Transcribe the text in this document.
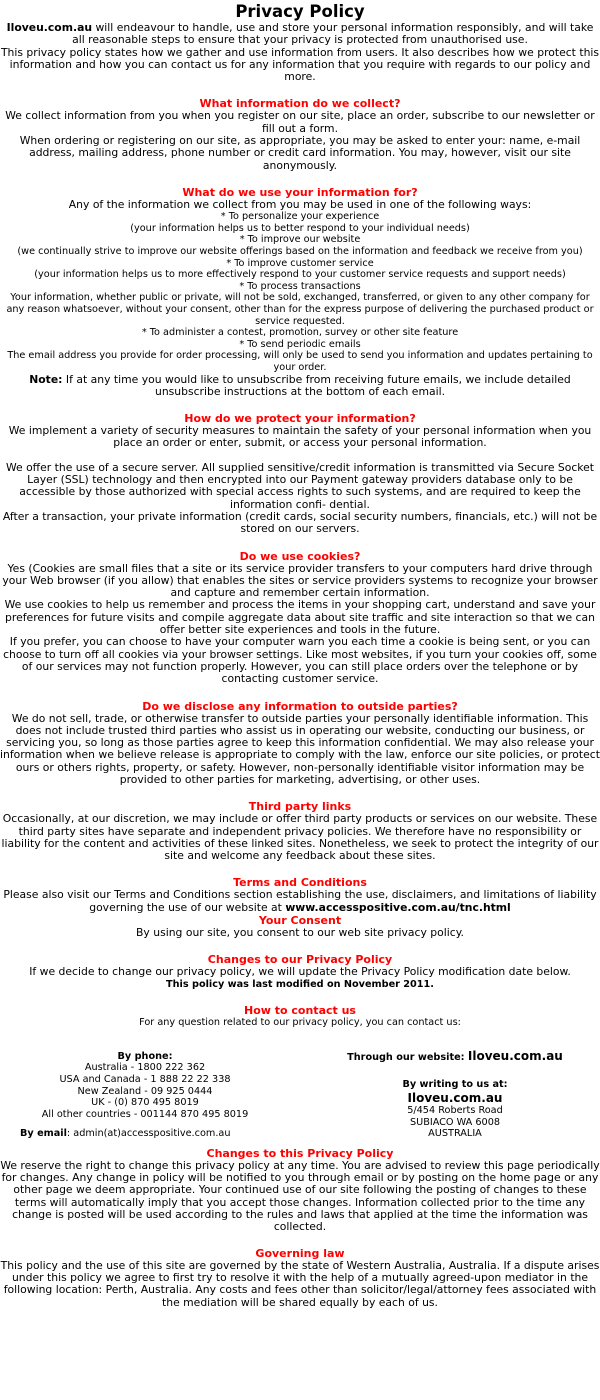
Privacy Policy

Iloveu.com.au will endeavour to handle, use and store your personal information responsibly, and will take all reasonable steps to ensure that your privacy is protected from unauthorised use.

This privacy policy states how we gather and use information from users. It also describes how we protect this information and how you can contact us for any information that you require with regards to our policy and more.

What information do we collect?

We collect information from you when you register on our site, place an order, subscribe to our newsletter or fill out a form.

When ordering or registering on our site, as appropriate, you may be asked to enter your: name, e-mail address, mailing address, phone number or credit card information. You may, however, visit our site anonymously.

What do we use your information for?

Any of the information we collect from you may be used in one of the following ways:

* To personalize your experience

(your information helps us to better respond to your individual needs)

* To improve our website

(we continually strive to improve our website offerings based on the information and feedback we receive from you)

* To improve customer service

(your information helps us to more effectively respond to your customer service requests and support needs)

* To process transactions

Your information, whether public or private, will not be sold, exchanged, transferred, or given to any other company for any reason whatsoever, without your consent, other than for the express purpose of delivering the purchased product or service requested.

* To administer a contest, promotion, survey or other site feature

* To send periodic emails

The email address you provide for order processing, will only be used to send you information and updates pertaining to your order.

Note: If at any time you would like to unsubscribe from receiving future emails, we include detailed unsubscribe instructions at the bottom of each email.

How do we protect your information?

We implement a variety of security measures to maintain the safety of your personal information when you place an order or enter, submit, or access your personal information.

We offer the use of a secure server. All supplied sensitive/credit information is transmitted via Secure Socket Layer (SSL) technology and then encrypted into our Payment gateway providers database only to be accessible by those authorized with special access rights to such systems, and are required to keep the information confi- dential.

After a transaction, your private information (credit cards, social security numbers, financials, etc.) will not be stored on our servers.

Do we use cookies?

Yes (Cookies are small files that a site or its service provider transfers to your computers hard drive through your Web browser (if you allow) that enables the sites or service providers systems to recognize your browser and capture and remember certain information.

We use cookies to help us remember and process the items in your shopping cart, understand and save your preferences for future visits and compile aggregate data about site traffic and site interaction so that we can offer better site experiences and tools in the future.

If you prefer, you can choose to have your computer warn you each time a cookie is being sent, or you can choose to turn off all cookies via your browser settings. Like most websites, if you turn your cookies off, some of our services may not function properly. However, you can still place orders over the telephone or by contacting customer service.

Do we disclose any information to outside parties?

We do not sell, trade, or otherwise transfer to outside parties your personally identifiable information. This does not include trusted third parties who assist us in operating our website, conducting our business, or servicing you, so long as those parties agree to keep this information confidential. We may also release your information when we believe release is appropriate to comply with the law, enforce our site policies, or protect ours or others rights, property, or safety. However, non-personally identifiable visitor information may be provided to other parties for marketing, advertising, or other uses.

Third party links

Occasionally, at our discretion, we may include or offer third party products or services on our website. These third party sites have separate and independent privacy policies. We therefore have no responsibility or liability for the content and activities of these linked sites. Nonetheless, we seek to protect the integrity of our site and welcome any feedback about these sites.

Terms and Conditions

Please also visit our Terms and Conditions section establishing the use, disclaimers, and limitations of liability governing the use of our website at www.accesspositive.com.au/tnc.html

Your Consent

By using our site, you consent to our web site privacy policy.

Changes to our Privacy Policy

If we decide to change our privacy policy, we will update the Privacy Policy modification date below.

This policy was last modified on November 2011.

How to contact us

For any question related to our privacy policy, you can contact us:

By phone:

Australia - 1800 222 362

USA and Canada - 1 888 22 22 338

New Zealand - 09 925 0444

UK - (0) 870 495 8019

All other countries - 001144 870 495 8019

By email: admin(at)accesspositive.com.au

Through our website: Iloveu.com.au

By writing to us at:

Iloveu.com.au

5/454 Roberts Road

SUBIACO WA 6008

AUSTRALIA

Changes to this Privacy Policy

We reserve the right to change this privacy policy at any time. You are advised to review this page periodically for changes. Any change in policy will be notified to you through email or by posting on the home page or any other page we deem appropriate. Your continued use of our site following the posting of changes to these terms will automatically imply that you accept those changes. Information collected prior to the time any change is posted will be used according to the rules and laws that applied at the time the information was collected.

Governing law

This policy and the use of this site are governed by the state of Western Australia, Australia. If a dispute arises under this policy we agree to first try to resolve it with the help of a mutually agreed-upon mediator in the following location: Perth, Australia. Any costs and fees other than solicitor/legal/attorney fees associated with the mediation will be shared equally by each of us.
